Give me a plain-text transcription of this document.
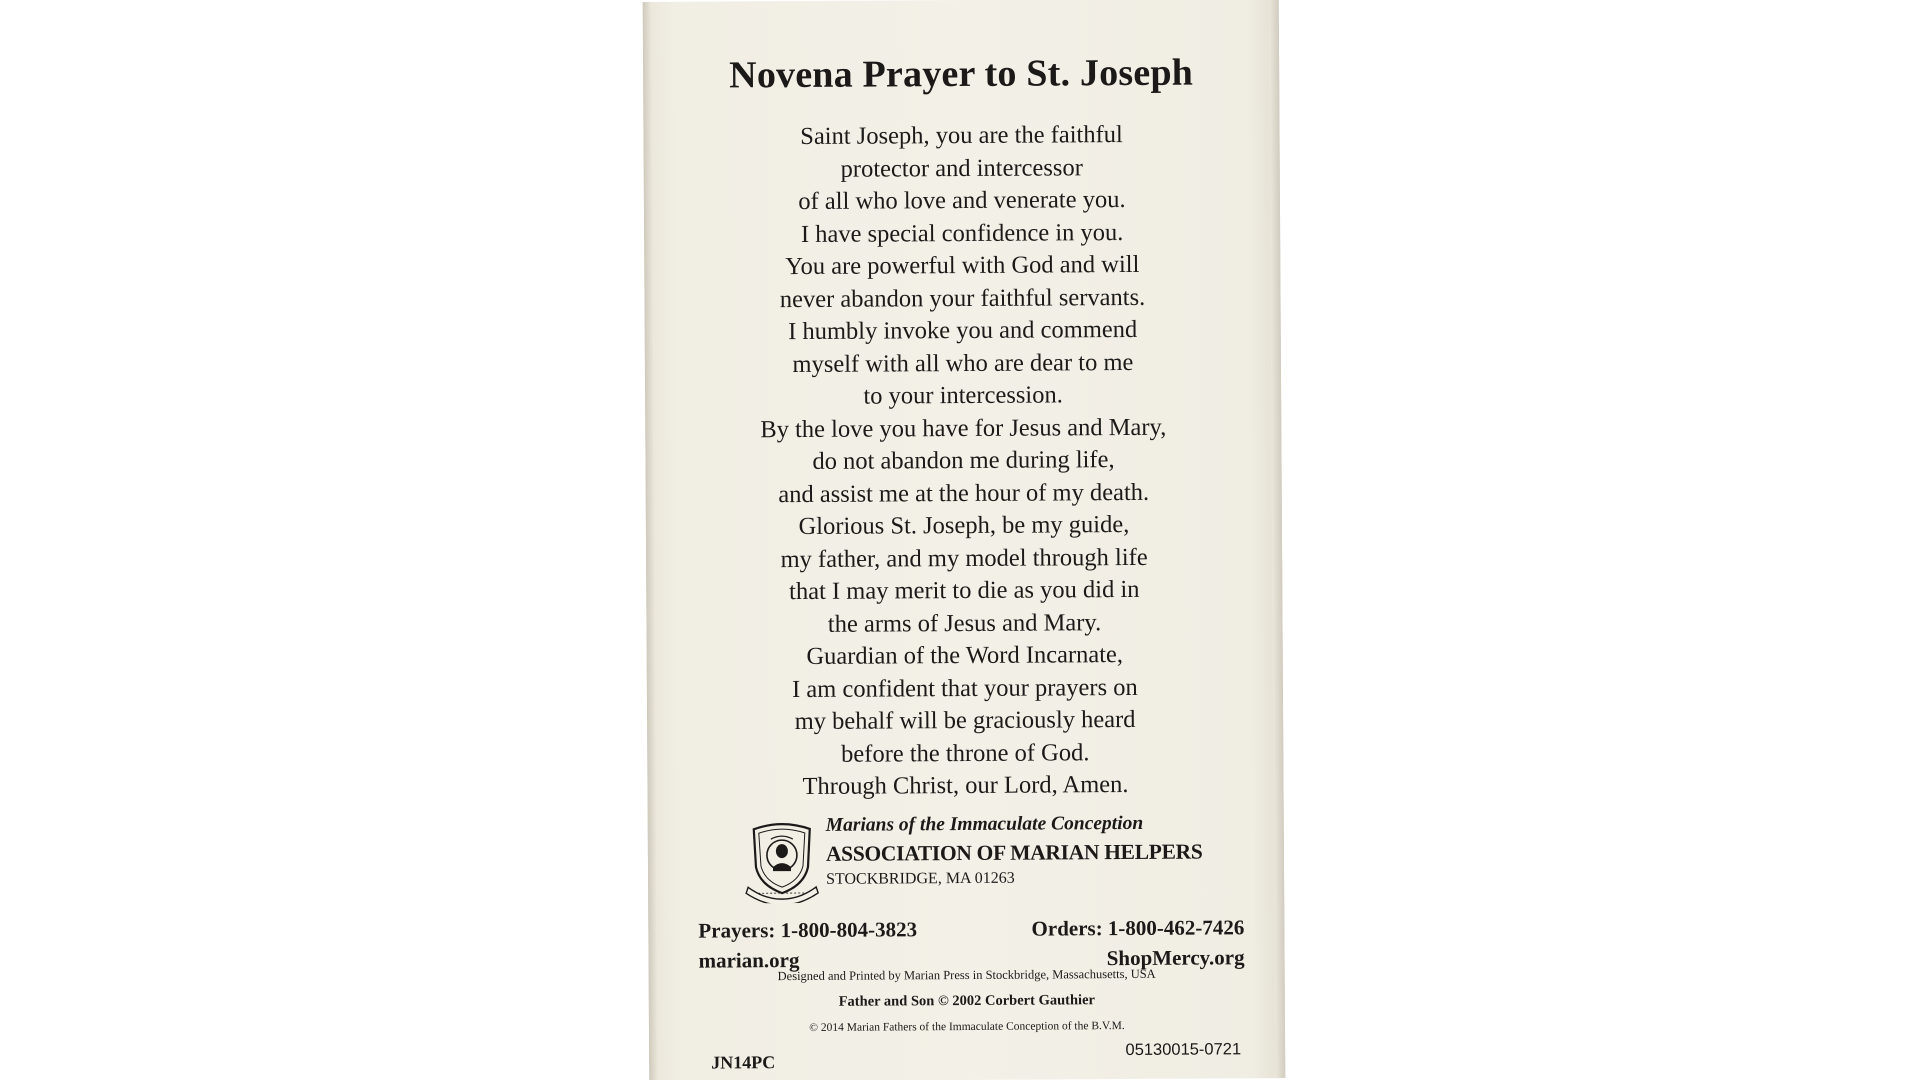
Novena Prayer to St. Joseph
Saint Joseph, you are the faithful
protector and intercessor
of all who love and venerate you.
I have special confidence in you.
You are powerful with God and will
never abandon your faithful servants.
I humbly invoke you and commend
myself with all who are dear to me
to your intercession.
By the love you have for Jesus and Mary,
do not abandon me during life,
and assist me at the hour of my death.
Glorious St. Joseph, be my guide,
my father, and my model through life
that I may merit to die as you did in
the arms of Jesus and Mary.
Guardian of the Word Incarnate,
I am confident that your prayers on
my behalf will be graciously heard
before the throne of God.
Through Christ, our Lord, Amen.
Marians of the Immaculate Conception
ASSOCIATION OF MARIAN HELPERS
STOCKBRIDGE, MA 01263
Prayers: 1-800-804-3823
marian.org
Orders: 1-800-462-7426
ShopMercy.org
Designed and Printed by Marian Press in Stockbridge, Massachusetts, USA
Father and Son © 2002 Corbert Gauthier
© 2014 Marian Fathers of the Immaculate Conception of the B.V.M.
JN14PC
05130015-0721
